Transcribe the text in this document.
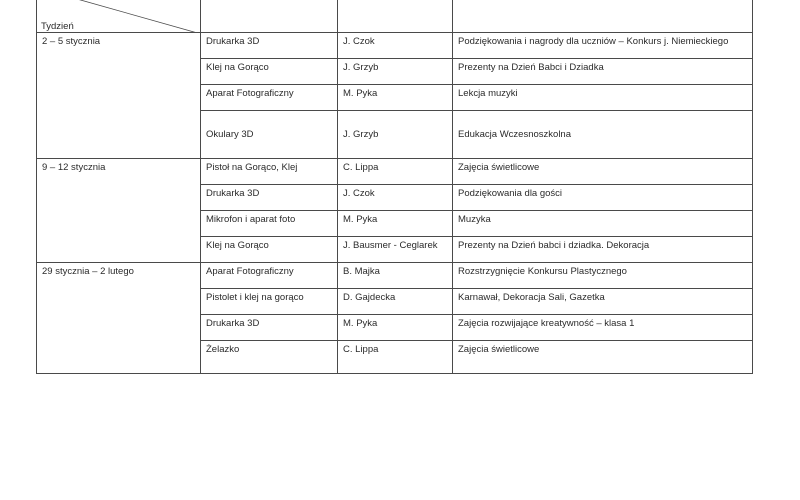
Tydzień			

2 – 5 stycznia	Drukarka 3D	J. Czok	Podziękowania i nagrody dla uczniów – Konkurs j. Niemieckiego
	Klej na Gorąco	J. Grzyb	Prezenty na Dzień Babci i Dziadka
	Aparat Fotograficzny	M. Pyka	Lekcja muzyki
	Okulary 3D	J. Grzyb	Edukacja Wczesnoszkolna
9 – 12 stycznia	Pistoł na Gorąco, Klej	C. Lippa	Zajęcia świetlicowe
	Drukarka 3D	J. Czok	Podziękowania dla gości
	Mikrofon i aparat foto	M. Pyka	Muzyka
	Klej na Gorąco	J. Bausmer - Ceglarek	Prezenty na Dzień babci i dziadka. Dekoracja
29 stycznia – 2 lutego	Aparat Fotograficzny	B. Majka	Rozstrzygnięcie Konkursu Plastycznego
	Pistolet i klej na gorąco	D. Gajdecka	Karnawał, Dekoracja Sali, Gazetka
	Drukarka 3D	M. Pyka	Zajęcia rozwijające kreatywność – klasa 1
	Żelazko	C. Lippa	Zajęcia świetlicowe
